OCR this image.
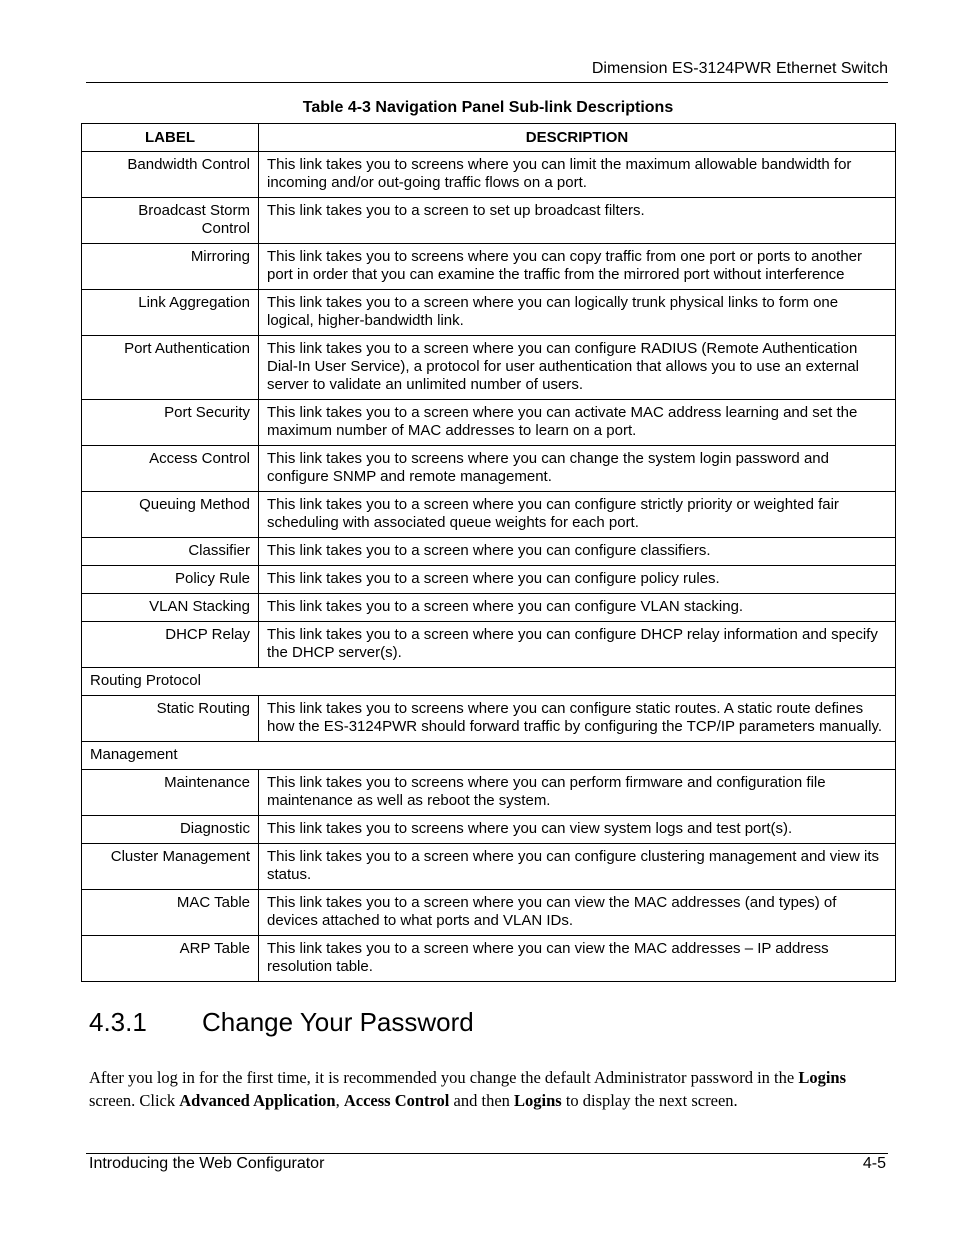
Dimension ES-3124PWR Ethernet Switch
Table 4-3 Navigation Panel Sub-link Descriptions
LABEL	DESCRIPTION
Bandwidth Control	This link takes you to screens where you can limit the maximum allowable bandwidth for incoming and/or out-going traffic flows on a port.
Broadcast Storm Control	This link takes you to a screen to set up broadcast filters.
Mirroring	This link takes you to screens where you can copy traffic from one port or ports to another port in order that you can examine the traffic from the mirrored port without interference
Link Aggregation	This link takes you to a screen where you can logically trunk physical links to form one logical, higher-bandwidth link.
Port Authentication	This link takes you to a screen where you can configure RADIUS (Remote Authentication Dial-In User Service), a protocol for user authentication that allows you to use an external server to validate an unlimited number of users.
Port Security	This link takes you to a screen where you can activate MAC address learning and set the maximum number of MAC addresses to learn on a port.
Access Control	This link takes you to screens where you can change the system login password and configure SNMP and remote management.
Queuing Method	This link takes you to a screen where you can configure strictly priority or weighted fair scheduling with associated queue weights for each port.
Classifier	This link takes you to a screen where you can configure classifiers.
Policy Rule	This link takes you to a screen where you can configure policy rules.
VLAN Stacking	This link takes you to a screen where you can configure VLAN stacking.
DHCP Relay	This link takes you to a screen where you can configure DHCP relay information and specify the DHCP server(s).
Routing Protocol	
Static Routing	This link takes you to screens where you can configure static routes. A static route defines how the ES-3124PWR should forward traffic by configuring the TCP/IP parameters manually.
Management	
Maintenance	This link takes you to screens where you can perform firmware and configuration file maintenance as well as reboot the system.
Diagnostic	This link takes you to screens where you can view system logs and test port(s).
Cluster Management	This link takes you to a screen where you can configure clustering management and view its status.
MAC Table	This link takes you to a screen where you can view the MAC addresses (and types) of devices attached to what ports and VLAN IDs.
ARP Table	This link takes you to a screen where you can view the MAC addresses – IP address resolution table.
4.3.1 Change Your Password
After you log in for the first time, it is recommended you change the default Administrator password in the Logins screen. Click Advanced Application, Access Control and then Logins to display the next screen.
Introducing the Web Configurator	4-5
